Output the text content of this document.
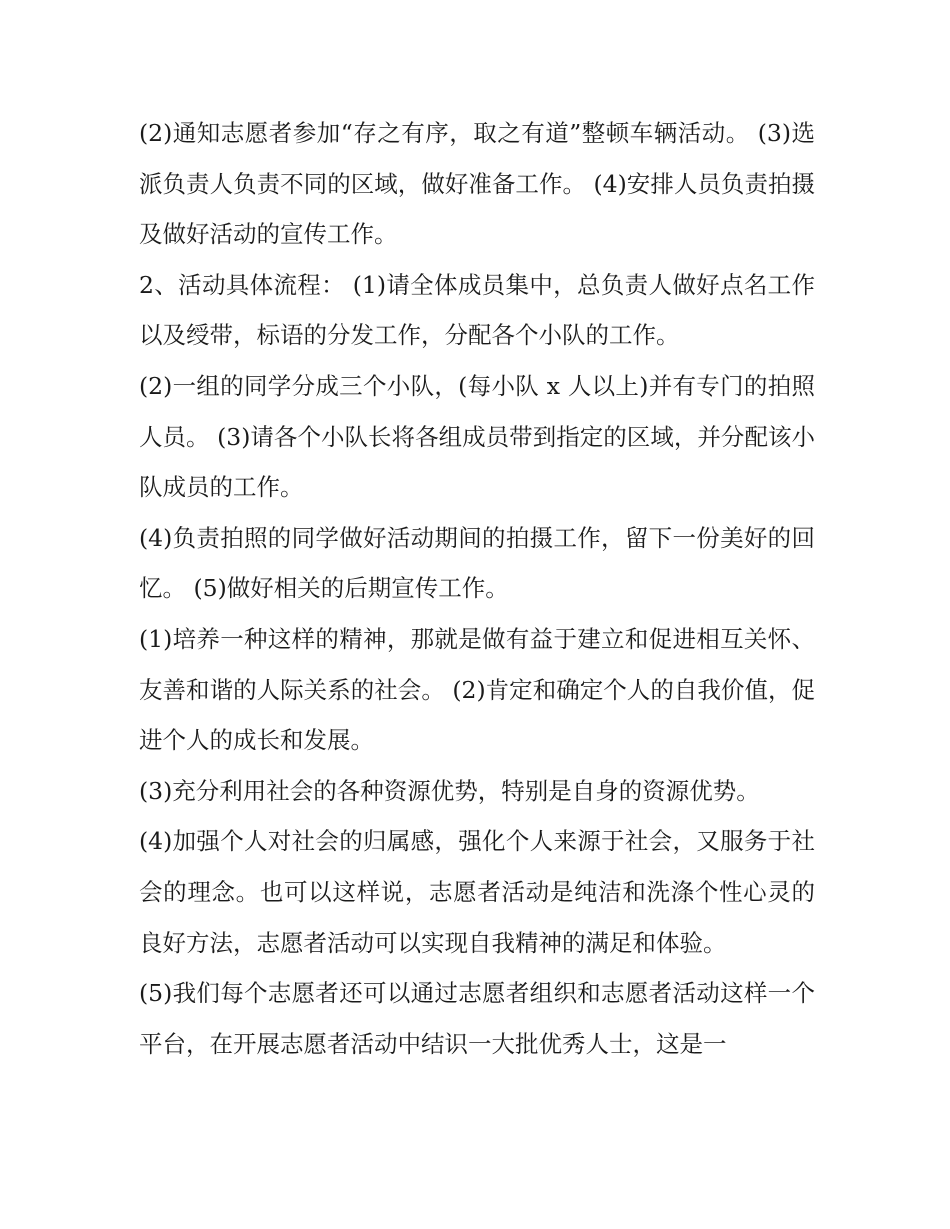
(2)通知志愿者参加“存之有序，取之有道”整顿车辆活动。 (3)选派负责人负责不同的区域，做好准备工作。 (4)安排人员负责拍摄及做好活动的宣传工作。

2、活动具体流程： (1)请全体成员集中，总负责人做好点名工作以及绶带，标语的分发工作，分配各个小队的工作。

(2)一组的同学分成三个小队，(每小队 x 人以上)并有专门的拍照人员。 (3)请各个小队长将各组成员带到指定的区域，并分配该小队成员的工作。

(4)负责拍照的同学做好活动期间的拍摄工作，留下一份美好的回忆。 (5)做好相关的后期宣传工作。

(1)培养一种这样的精神，那就是做有益于建立和促进相互关怀、友善和谐的人际关系的社会。 (2)肯定和确定个人的自我价值，促进个人的成长和发展。

(3)充分利用社会的各种资源优势，特别是自身的资源优势。

(4)加强个人对社会的归属感，强化个人来源于社会，又服务于社会的理念。也可以这样说，志愿者活动是纯洁和洗涤个性心灵的良好方法，志愿者活动可以实现自我精神的满足和体验。

(5)我们每个志愿者还可以通过志愿者组织和志愿者活动这样一个平台，在开展志愿者活动中结识一大批优秀人士，这是一
